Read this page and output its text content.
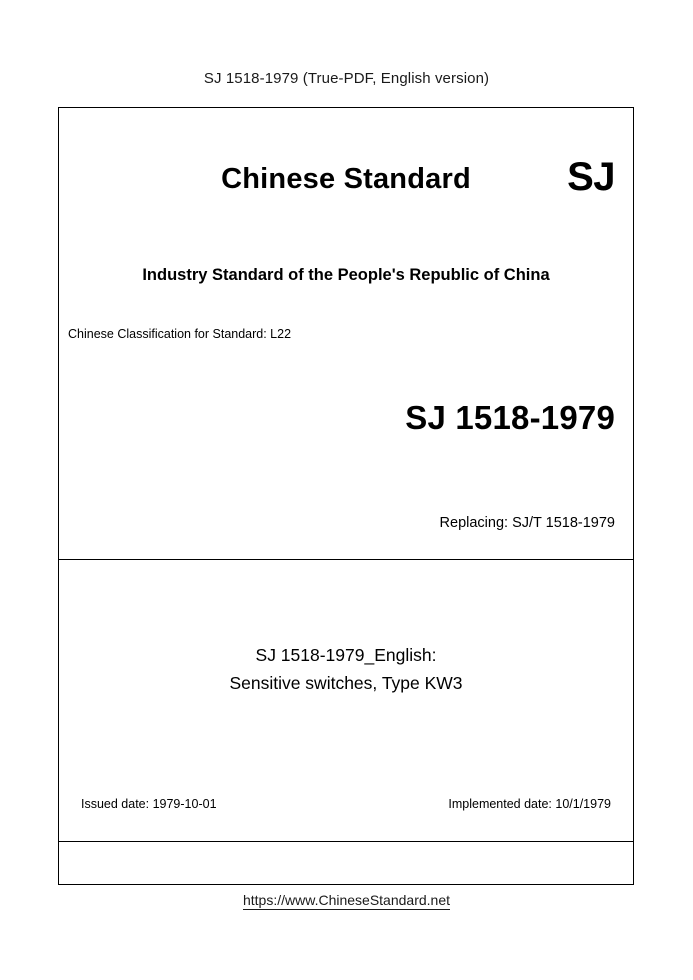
SJ 1518-1979 (True-PDF, English version)
Chinese Standard	SJ
Industry Standard of the People's Republic of China
Chinese Classification for Standard: L22
SJ 1518-1979
Replacing: SJ/T 1518-1979
SJ 1518-1979_English:
Sensitive switches, Type KW3
Issued date: 1979-10-01	Implemented date: 10/1/1979
https://www.ChineseStandard.net
